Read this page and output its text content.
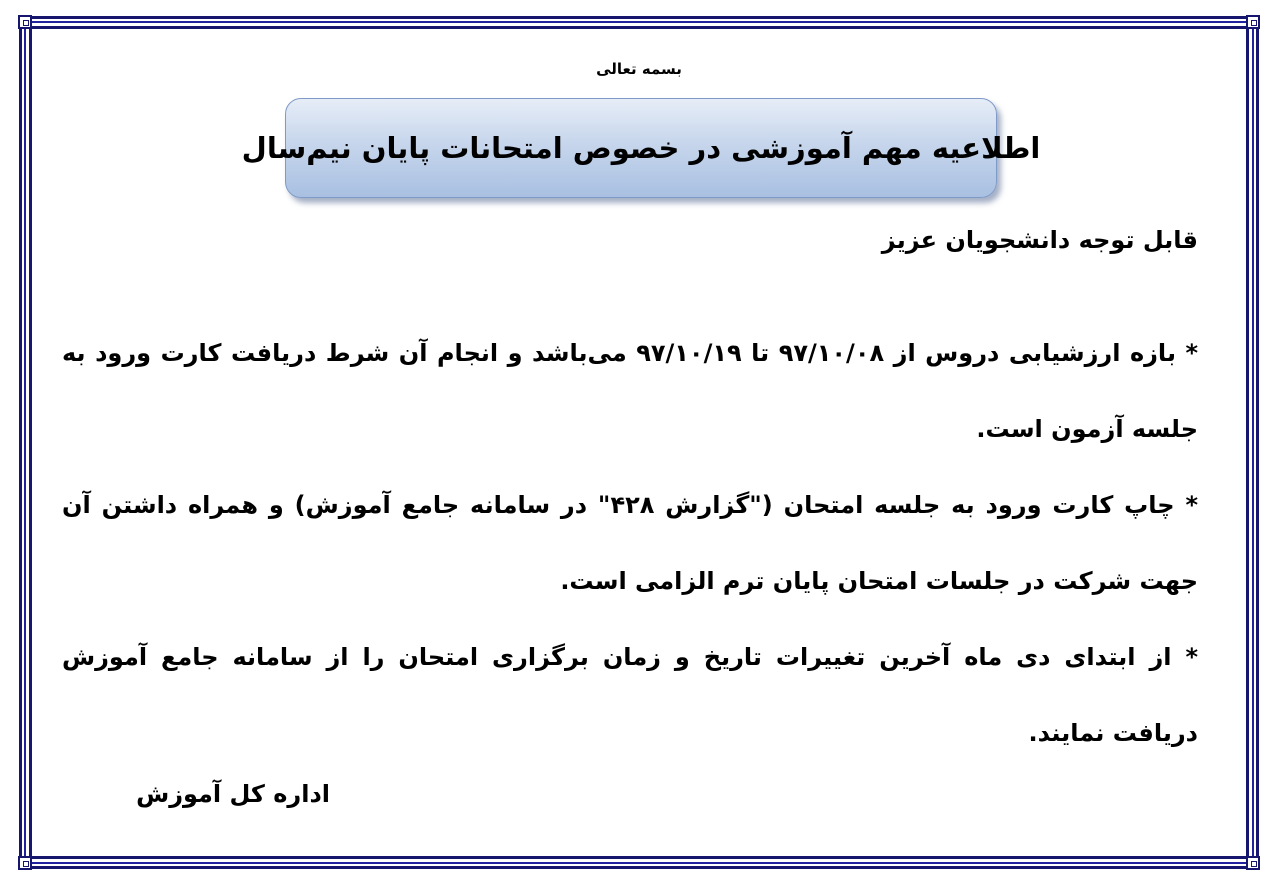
بسمه تعالی
اطلاعیه مهم آموزشی در خصوص امتحانات پایان نیم‌سال

قابل توجه دانشجویان عزیز

* بازه ارزشیابی دروس از ۹۷/۱۰/۰۸ تا ۹۷/۱۰/۱۹ می‌باشد و انجام آن شرط دریافت کارت ورود به جلسه آزمون است.

* چاپ کارت ورود به جلسه امتحان ("گزارش ۴۲۸" در سامانه جامع آموزش) و همراه داشتن آن جهت شرکت در جلسات امتحان پایان ترم الزامی است.

* از ابتدای دی ماه آخرین تغییرات تاریخ و زمان برگزاری امتحان را از سامانه جامع آموزش دریافت نمایند.

اداره کل آموزش
